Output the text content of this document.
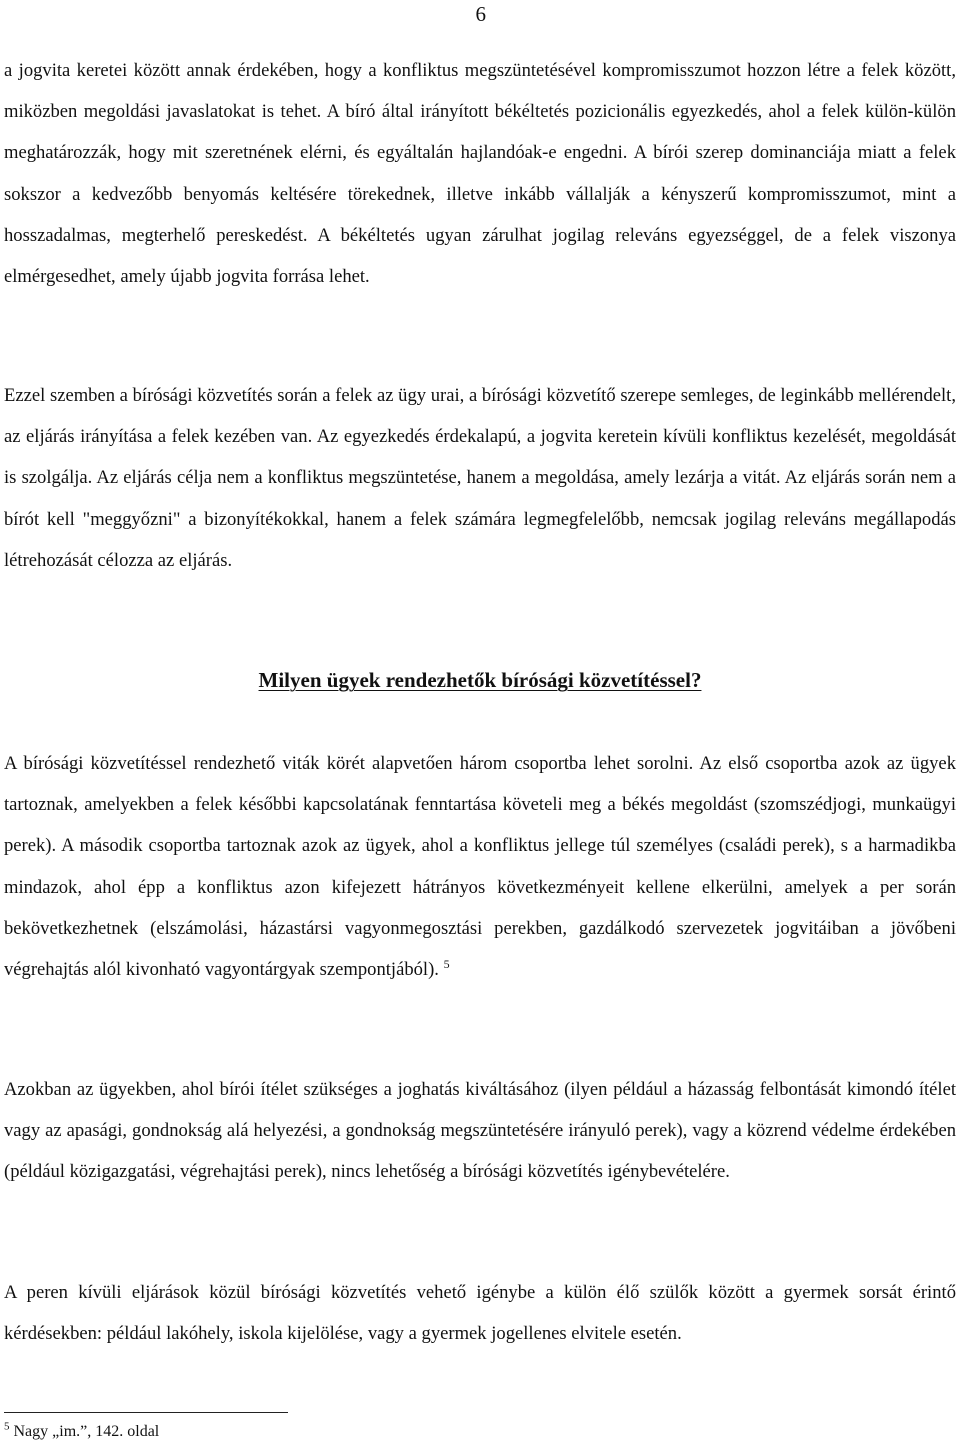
6

a jogvita keretei között annak érdekében, hogy a konfliktus megszüntetésével kompromisszumot hozzon létre a felek között, miközben megoldási javaslatokat is tehet. A bíró által irányított békéltetés pozicionális egyezkedés, ahol a felek külön-külön meghatározzák, hogy mit szeretnének elérni, és egyáltalán hajlandóak-e engedni. A bírói szerep dominanciája miatt a felek sokszor a kedvezőbb benyomás keltésére törekednek, illetve inkább vállalják a kényszerű kompromisszumot, mint a hosszadalmas, megterhelő pereskedést. A békéltetés ugyan zárulhat jogilag releváns egyezséggel, de a felek viszonya elmérgesedhet, amely újabb jogvita forrása lehet.

Ezzel szemben a bírósági közvetítés során a felek az ügy urai, a bírósági közvetítő szerepe semleges, de leginkább mellérendelt, az eljárás irányítása a felek kezében van. Az egyezkedés érdekalapú, a jogvita keretein kívüli konfliktus kezelését, megoldását is szolgálja. Az eljárás célja nem a konfliktus megszüntetése, hanem a megoldása, amely lezárja a vitát. Az eljárás során nem a bírót kell "meggyőzni" a bizonyítékokkal, hanem a felek számára legmegfelelőbb, nemcsak jogilag releváns megállapodás létrehozását célozza az eljárás.

Milyen ügyek rendezhetők bírósági közvetítéssel?

A bírósági közvetítéssel rendezhető viták körét alapvetően három csoportba lehet sorolni. Az első csoportba azok az ügyek tartoznak, amelyekben a felek későbbi kapcsolatának fenntartása követeli meg a békés megoldást (szomszédjogi, munkaügyi perek). A második csoportba tartoznak azok az ügyek, ahol a konfliktus jellege túl személyes (családi perek), s a harmadikba mindazok, ahol épp a konfliktus azon kifejezett hátrányos következményeit kellene elkerülni, amelyek a per során bekövetkezhetnek (elszámolási, házastársi vagyonmegosztási perekben, gazdálkodó szervezetek jogvitáiban a jövőbeni végrehajtás alól kivonható vagyontárgyak szempontjából). $^5$

Azokban az ügyekben, ahol bírói ítélet szükséges a joghatás kiváltásához (ilyen például a házasság felbontását kimondó ítélet vagy az apasági, gondnokság alá helyezési, a gondnokság megszüntetésére irányuló perek), vagy a közrend védelme érdekében (például közigazgatási, végrehajtási perek), nincs lehetőség a bírósági közvetítés igénybevételére.

A peren kívüli eljárások közül bírósági közvetítés vehető igénybe a külön élő szülők között a gyermek sorsát érintő kérdésekben: például lakóhely, iskola kijelölése, vagy a gyermek jogellenes elvitele esetén.

$^5$ Nagy „im.”, 142. oldal
